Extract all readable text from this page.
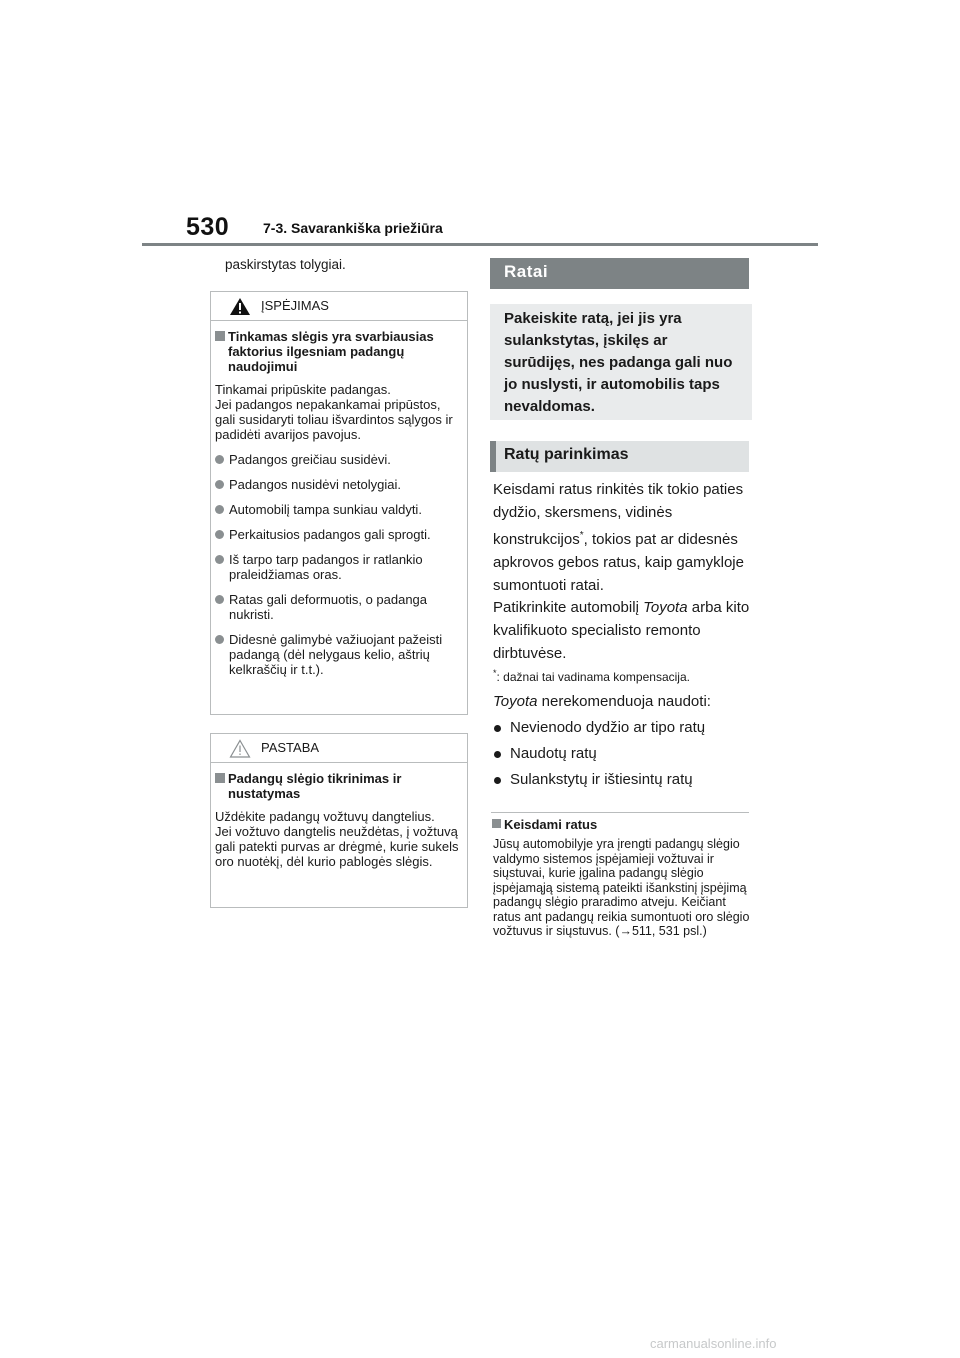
530 7-3. Savarankiška priežiūra
paskirstytas tolygiai.
ĮSPĖJIMAS
Tinkamas slėgis yra svarbiausias faktorius ilgesniam padangų naudojimui
Tinkamai pripūskite padangas.
Jei padangos nepakankamai pripūstos, gali susidaryti toliau išvardintos sąlygos ir padidėti avarijos pavojus.
Padangos greičiau susidėvi.
Padangos nusidėvi netolygiai.
Automobilį tampa sunkiau valdyti.
Perkaitusios padangos gali sprogti.
Iš tarpo tarp padangos ir ratlankio praleidžiamas oras.
Ratas gali deformuotis, o padanga nukristi.
Didesnė galimybė važiuojant pažeisti padangą (dėl nelygaus kelio, aštrių kelkraščių ir t.t.).
PASTABA
Padangų slėgio tikrinimas ir nustatymas
Uždėkite padangų vožtuvų dangtelius.
Jei vožtuvo dangtelis neuždėtas, į vožtuvą gali patekti purvas ar drėgmė, kurie sukels oro nuotėkį, dėl kurio pablogės slėgis.
Ratai
Pakeiskite ratą, jei jis yra sulankstytas, įskilęs ar surūdijęs, nes padanga gali nuo jo nuslysti, ir automobilis taps nevaldomas.
Ratų parinkimas
Keisdami ratus rinkitės tik tokio paties dydžio, skersmens, vidinės konstrukcijos*, tokios pat ar didesnės apkrovos gebos ratus, kaip gamykloje sumontuoti ratai.
Patikrinkite automobilį Toyota arba kito kvalifikuoto specialisto remonto dirbtuvėse.
*: dažnai tai vadinama kompensacija.
Toyota nerekomenduoja naudoti:
Nevienodo dydžio ar tipo ratų
Naudotų ratų
Sulankstytų ir ištiesintų ratų
Keisdami ratus
Jūsų automobilyje yra įrengti padangų slėgio valdymo sistemos įspėjamieji vožtuvai ir siųstuvai, kurie įgalina padangų slėgio įspėjamąją sistemą pateikti išankstinį įspėjimą padangų slėgio praradimo atveju. Keičiant ratus ant padangų reikia sumontuoti oro slėgio vožtuvus ir siųstuvus. (→511, 531 psl.)
carmanualsonline.info
